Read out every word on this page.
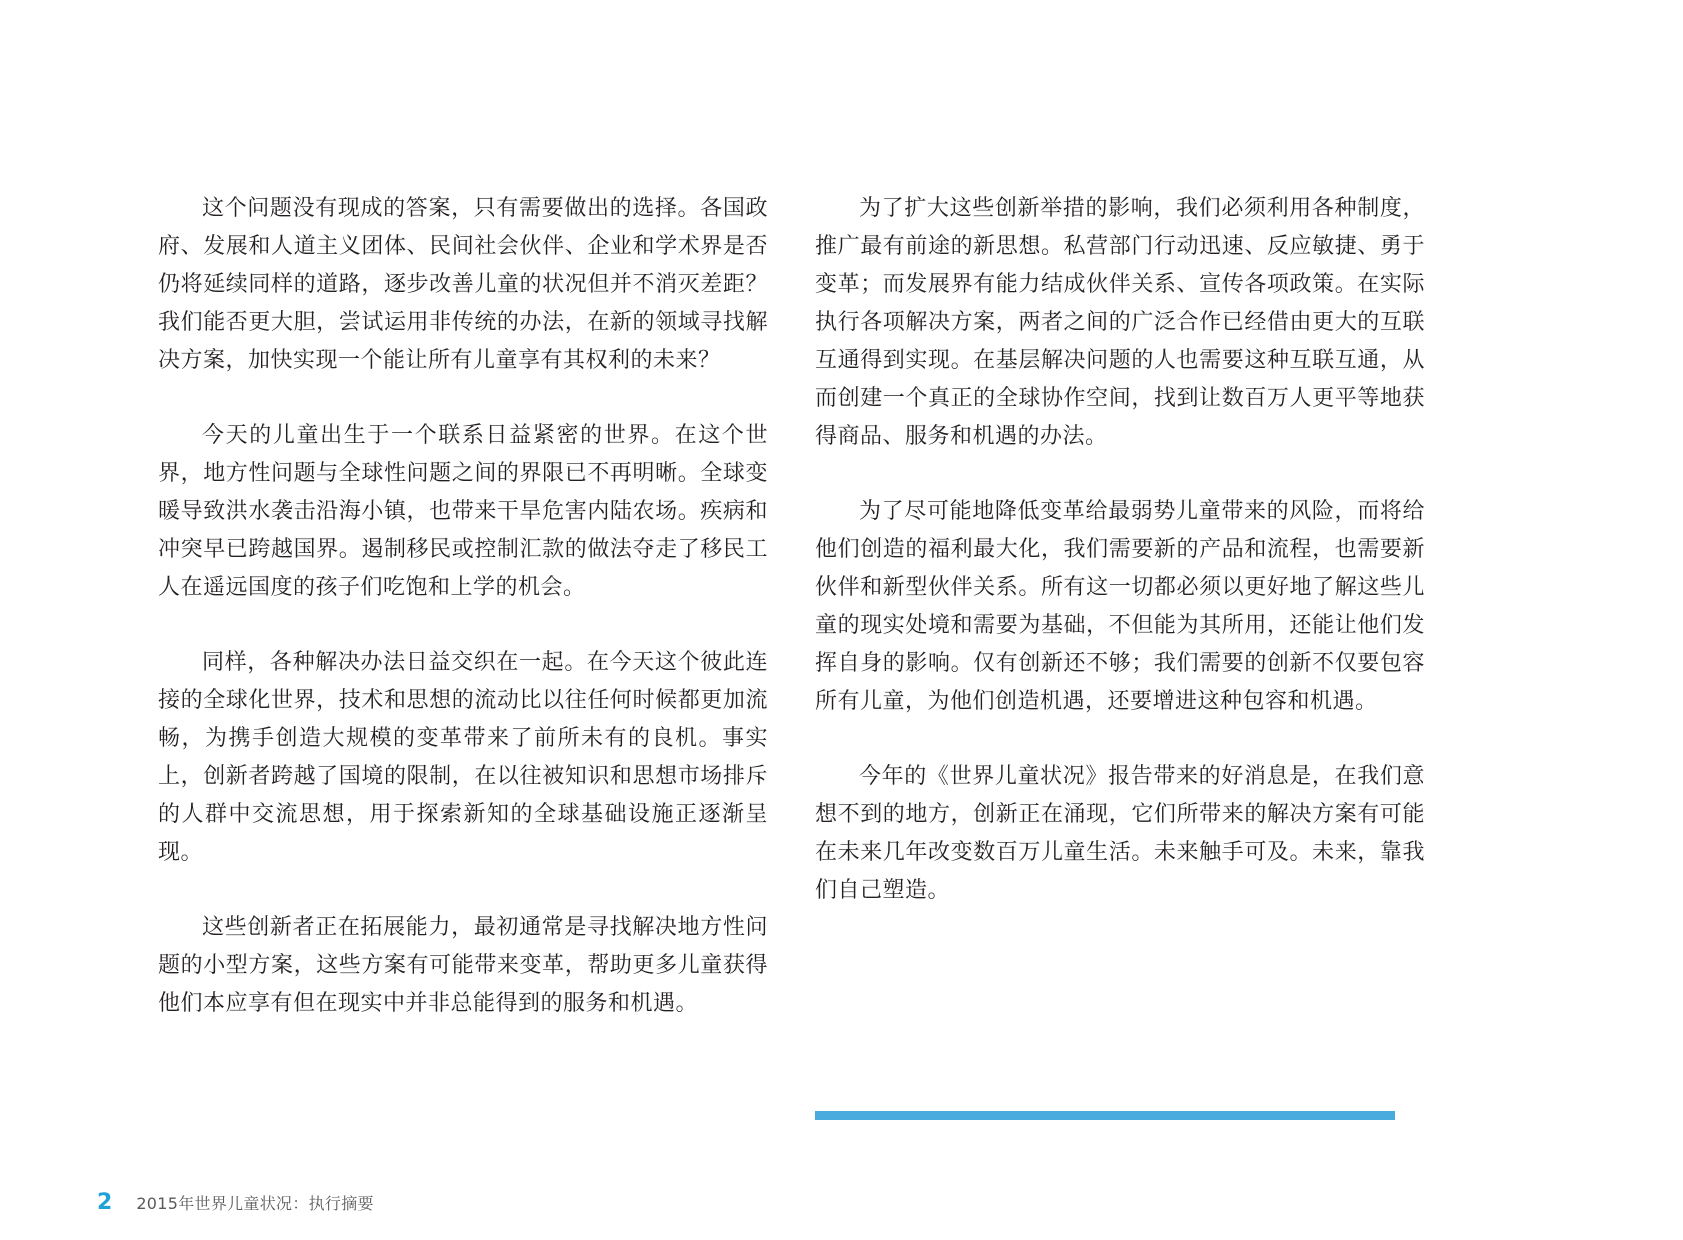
这个问题没有现成的答案，只有需要做出的选择。各国政府、发展和人道主义团体、民间社会伙伴、企业和学术界是否仍将延续同样的道路，逐步改善儿童的状况但并不消灭差距？我们能否更大胆，尝试运用非传统的办法，在新的领域寻找解决方案，加快实现一个能让所有儿童享有其权利的未来？

今天的儿童出生于一个联系日益紧密的世界。在这个世界，地方性问题与全球性问题之间的界限已不再明晰。全球变暖导致洪水袭击沿海小镇，也带来干旱危害内陆农场。疾病和冲突早已跨越国界。遏制移民或控制汇款的做法夺走了移民工人在遥远国度的孩子们吃饱和上学的机会。

同样，各种解决办法日益交织在一起。在今天这个彼此连接的全球化世界，技术和思想的流动比以往任何时候都更加流畅，为携手创造大规模的变革带来了前所未有的良机。事实上，创新者跨越了国境的限制，在以往被知识和思想市场排斥的人群中交流思想，用于探索新知的全球基础设施正逐渐呈现。

这些创新者正在拓展能力，最初通常是寻找解决地方性问题的小型方案，这些方案有可能带来变革，帮助更多儿童获得他们本应享有但在现实中并非总能得到的服务和机遇。

为了扩大这些创新举措的影响，我们必须利用各种制度，推广最有前途的新思想。私营部门行动迅速、反应敏捷、勇于变革；而发展界有能力结成伙伴关系、宣传各项政策。在实际执行各项解决方案，两者之间的广泛合作已经借由更大的互联互通得到实现。在基层解决问题的人也需要这种互联互通，从而创建一个真正的全球协作空间，找到让数百万人更平等地获得商品、服务和机遇的办法。

为了尽可能地降低变革给最弱势儿童带来的风险，而将给他们创造的福利最大化，我们需要新的产品和流程，也需要新伙伴和新型伙伴关系。所有这一切都必须以更好地了解这些儿童的现实处境和需要为基础，不但能为其所用，还能让他们发挥自身的影响。仅有创新还不够；我们需要的创新不仅要包容所有儿童，为他们创造机遇，还要增进这种包容和机遇。

今年的《世界儿童状况》报告带来的好消息是，在我们意想不到的地方，创新正在涌现，它们所带来的解决方案有可能在未来几年改变数百万儿童生活。未来触手可及。未来，靠我们自己塑造。

2 2015年世界儿童状况：执行摘要
